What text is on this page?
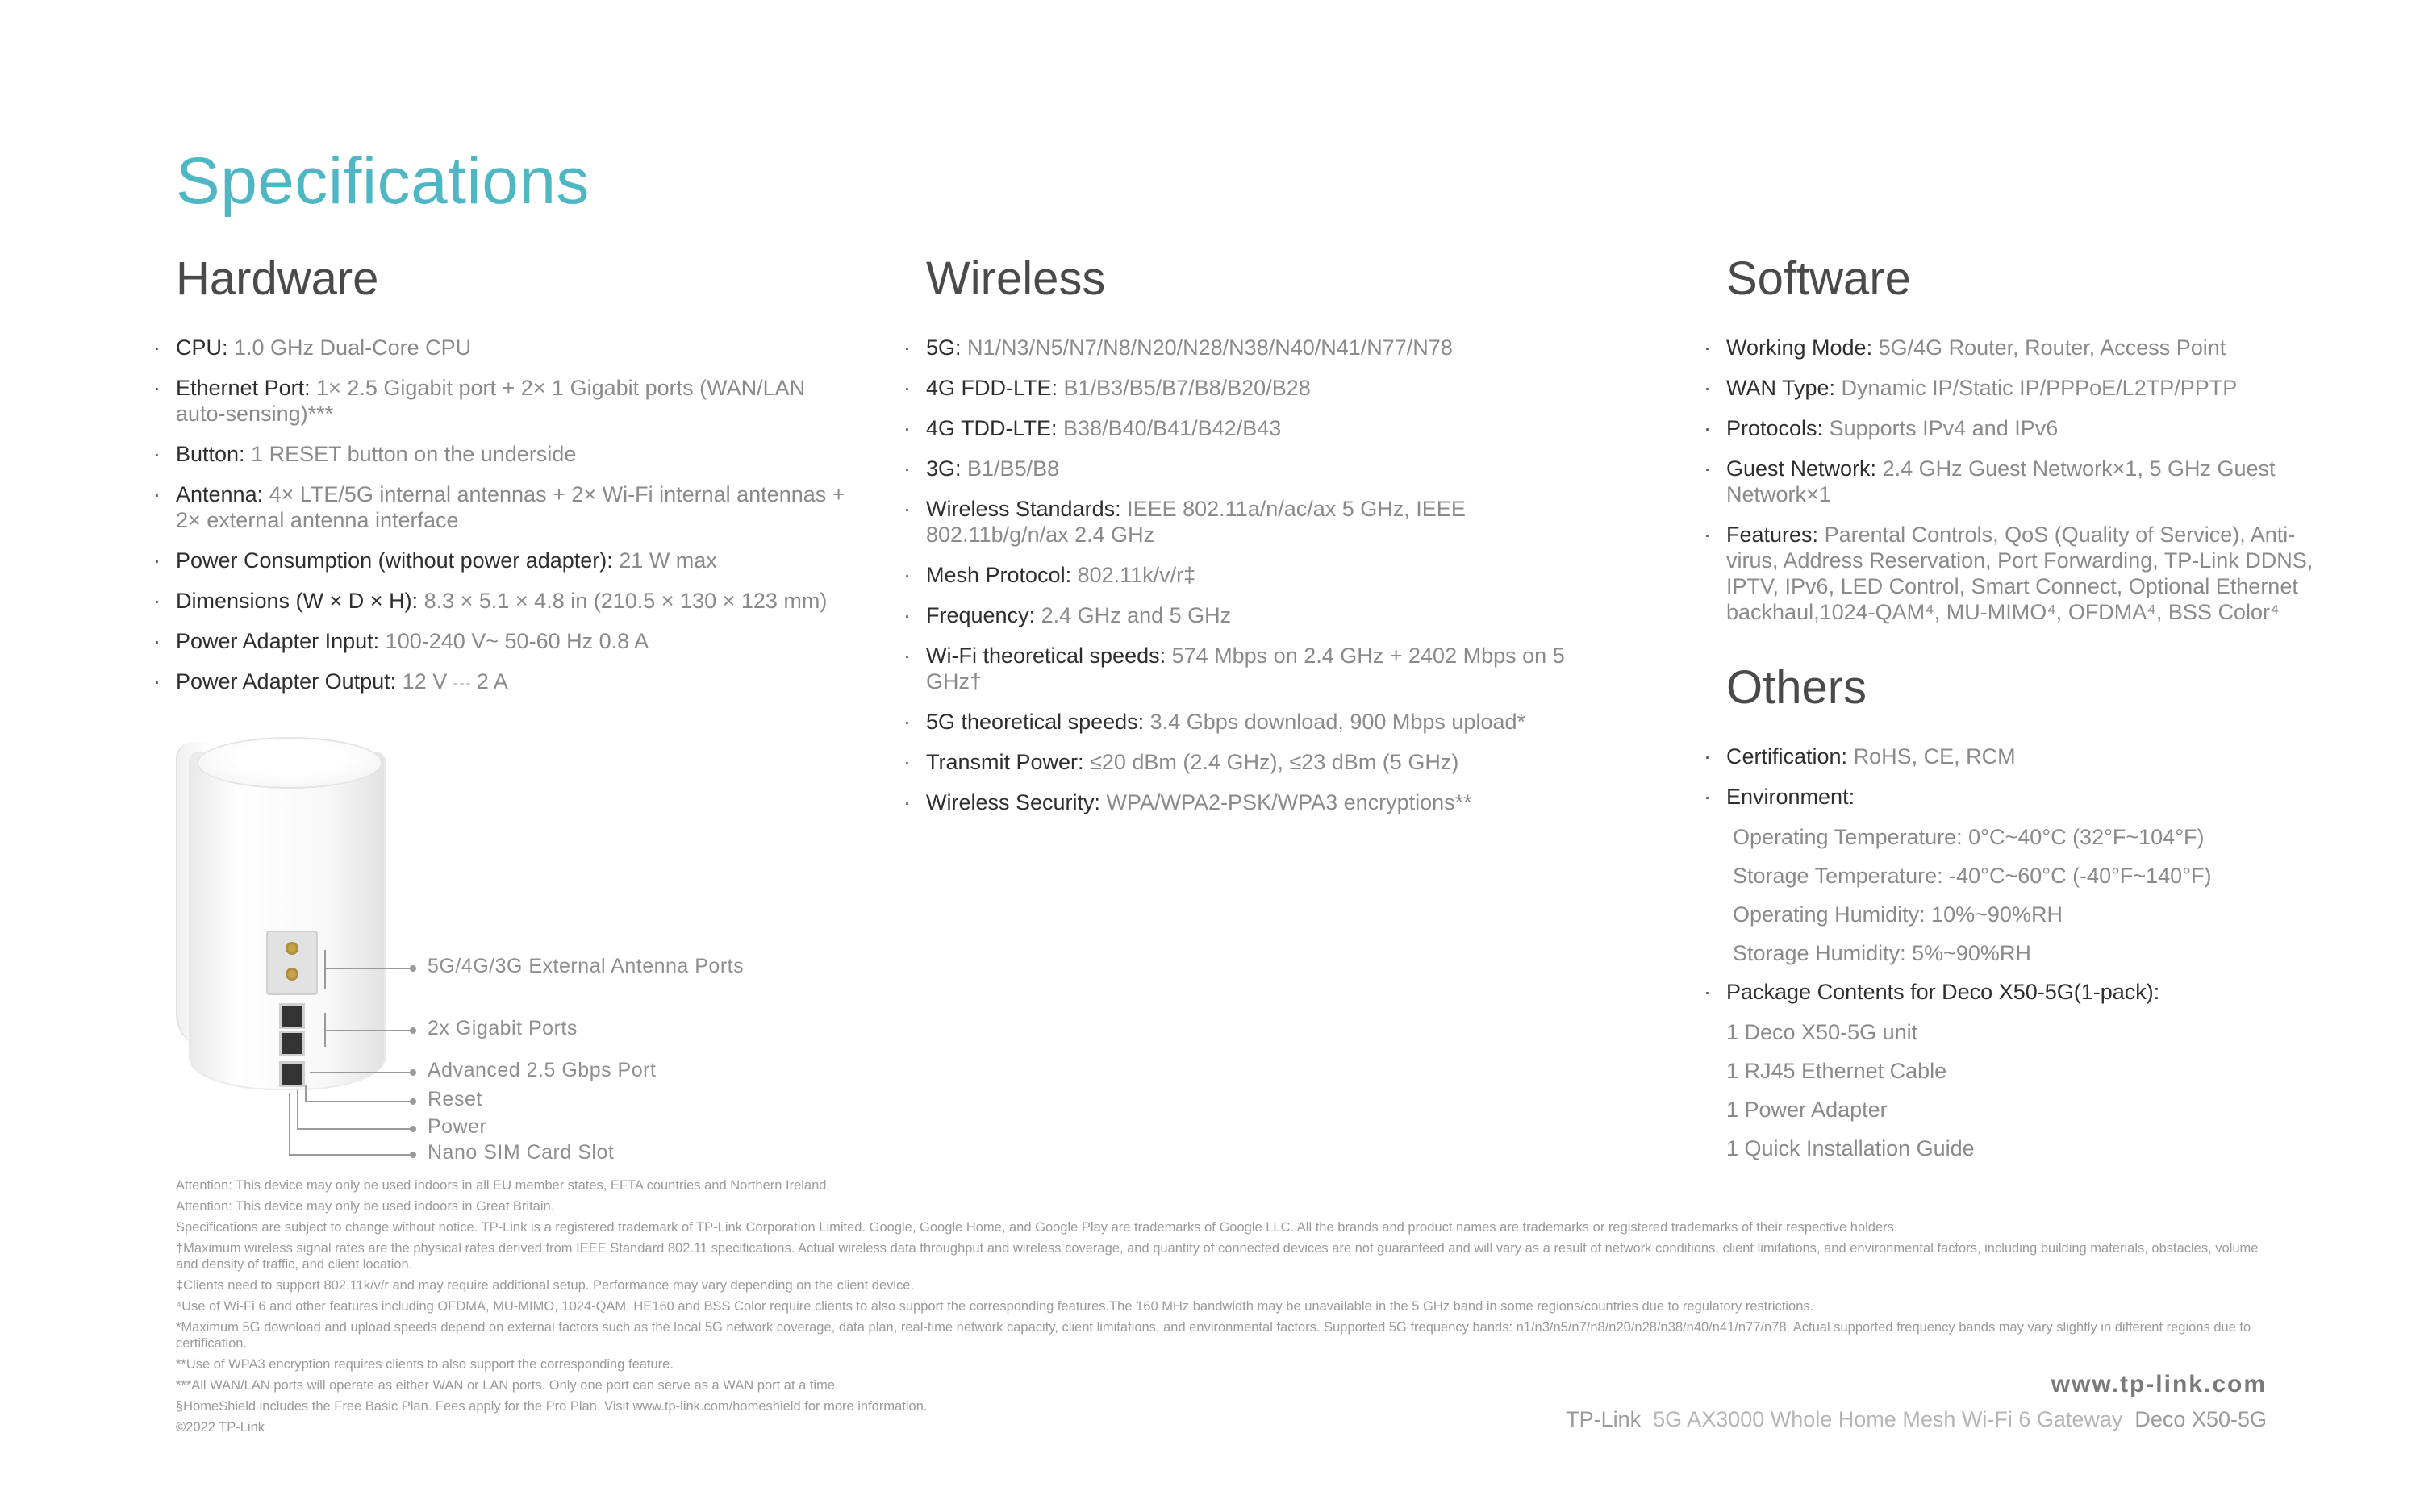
Specifications
Hardware
· CPU: 1.0 GHz Dual-Core CPU
· Ethernet Port: 1× 2.5 Gigabit port + 2× 1 Gigabit ports (WAN/LAN auto-sensing)***
· Button: 1 RESET button on the underside
· Antenna: 4× LTE/5G internal antennas + 2× Wi-Fi internal antennas + 2× external antenna interface
· Power Consumption (without power adapter): 21 W max
· Dimensions (W × D × H): 8.3 × 5.1 × 4.8 in (210.5 × 130 × 123 mm)
· Power Adapter Input: 100-240 V~ 50-60 Hz 0.8 A
· Power Adapter Output: 12 V ⎓ 2 A
Wireless
· 5G: N1/N3/N5/N7/N8/N20/N28/N38/N40/N41/N77/N78
· 4G FDD-LTE: B1/B3/B5/B7/B8/B20/B28
· 4G TDD-LTE: B38/B40/B41/B42/B43
· 3G: B1/B5/B8
· Wireless Standards: IEEE 802.11a/n/ac/ax 5 GHz, IEEE 802.11b/g/n/ax 2.4 GHz
· Mesh Protocol: 802.11k/v/r‡
· Frequency: 2.4 GHz and 5 GHz
· Wi-Fi theoretical speeds: 574 Mbps on 2.4 GHz + 2402 Mbps on 5 GHz†
· 5G theoretical speeds: 3.4 Gbps download, 900 Mbps upload*
· Transmit Power: ≤20 dBm (2.4 GHz), ≤23 dBm (5 GHz)
· Wireless Security: WPA/WPA2-PSK/WPA3 encryptions**
Software
· Working Mode: 5G/4G Router, Router, Access Point
· WAN Type: Dynamic IP/Static IP/PPPoE/L2TP/PPTP
· Protocols: Supports IPv4 and IPv6
· Guest Network: 2.4 GHz Guest Network×1, 5 GHz Guest Network×1
· Features: Parental Controls, QoS (Quality of Service), Anti-virus, Address Reservation, Port Forwarding, TP-Link DDNS, IPTV, IPv6, LED Control, Smart Connect, Optional Ethernet backhaul,1024-QAM⁴, MU-MIMO⁴, OFDMA⁴, BSS Color⁴
Others
· Certification: RoHS, CE, RCM
· Environment:

Operating Temperature: 0°C~40°C (32°F~104°F)

Storage Temperature: -40°C~60°C (-40°F~140°F)

Operating Humidity: 10%~90%RH

Storage Humidity: 5%~90%RH

· Package Contents for Deco X50-5G(1-pack):

1 Deco X50-5G unit

1 RJ45 Ethernet Cable

1 Power Adapter

1 Quick Installation Guide

5G/4G/3G External Antenna Ports
2x Gigabit Ports
Advanced 2.5 Gbps Port
Reset
Power
Nano SIM Card Slot

Attention: This device may only be used indoors in all EU member states, EFTA countries and Northern Ireland.

Attention: This device may only be used indoors in Great Britain.

Specifications are subject to change without notice. TP-Link is a registered trademark of TP-Link Corporation Limited. Google, Google Home, and Google Play are trademarks of Google LLC. All the brands and product names are trademarks or registered trademarks of their respective holders.

†Maximum wireless signal rates are the physical rates derived from IEEE Standard 802.11 specifications. Actual wireless data throughput and wireless coverage, and quantity of connected devices are not guaranteed and will vary as a result of network conditions, client limitations, and environmental factors, including building materials, obstacles, volume and density of traffic, and client location.

‡Clients need to support 802.11k/v/r and may require additional setup. Performance may vary depending on the client device.

⁴Use of Wi-Fi 6 and other features including OFDMA, MU-MIMO, 1024-QAM, HE160 and BSS Color require clients to also support the corresponding features.The 160 MHz bandwidth may be unavailable in the 5 GHz band in some regions/countries due to regulatory restrictions.

*Maximum 5G download and upload speeds depend on external factors such as the local 5G network coverage, data plan, real-time network capacity, client limitations, and environmental factors. Supported 5G frequency bands: n1/n3/n5/n7/n8/n20/n28/n38/n40/n41/n77/n78. Actual supported frequency bands may vary slightly in different regions due to certification.

**Use of WPA3 encryption requires clients to also support the corresponding feature.

***All WAN/LAN ports will operate as either WAN or LAN ports. Only one port can serve as a WAN port at a time.

§HomeShield includes the Free Basic Plan. Fees apply for the Pro Plan. Visit www.tp-link.com/homeshield for more information.

©2022 TP-Link

www.tp-link.com
TP-Link 5G AX3000 Whole Home Mesh Wi-Fi 6 Gateway Deco X50-5G
